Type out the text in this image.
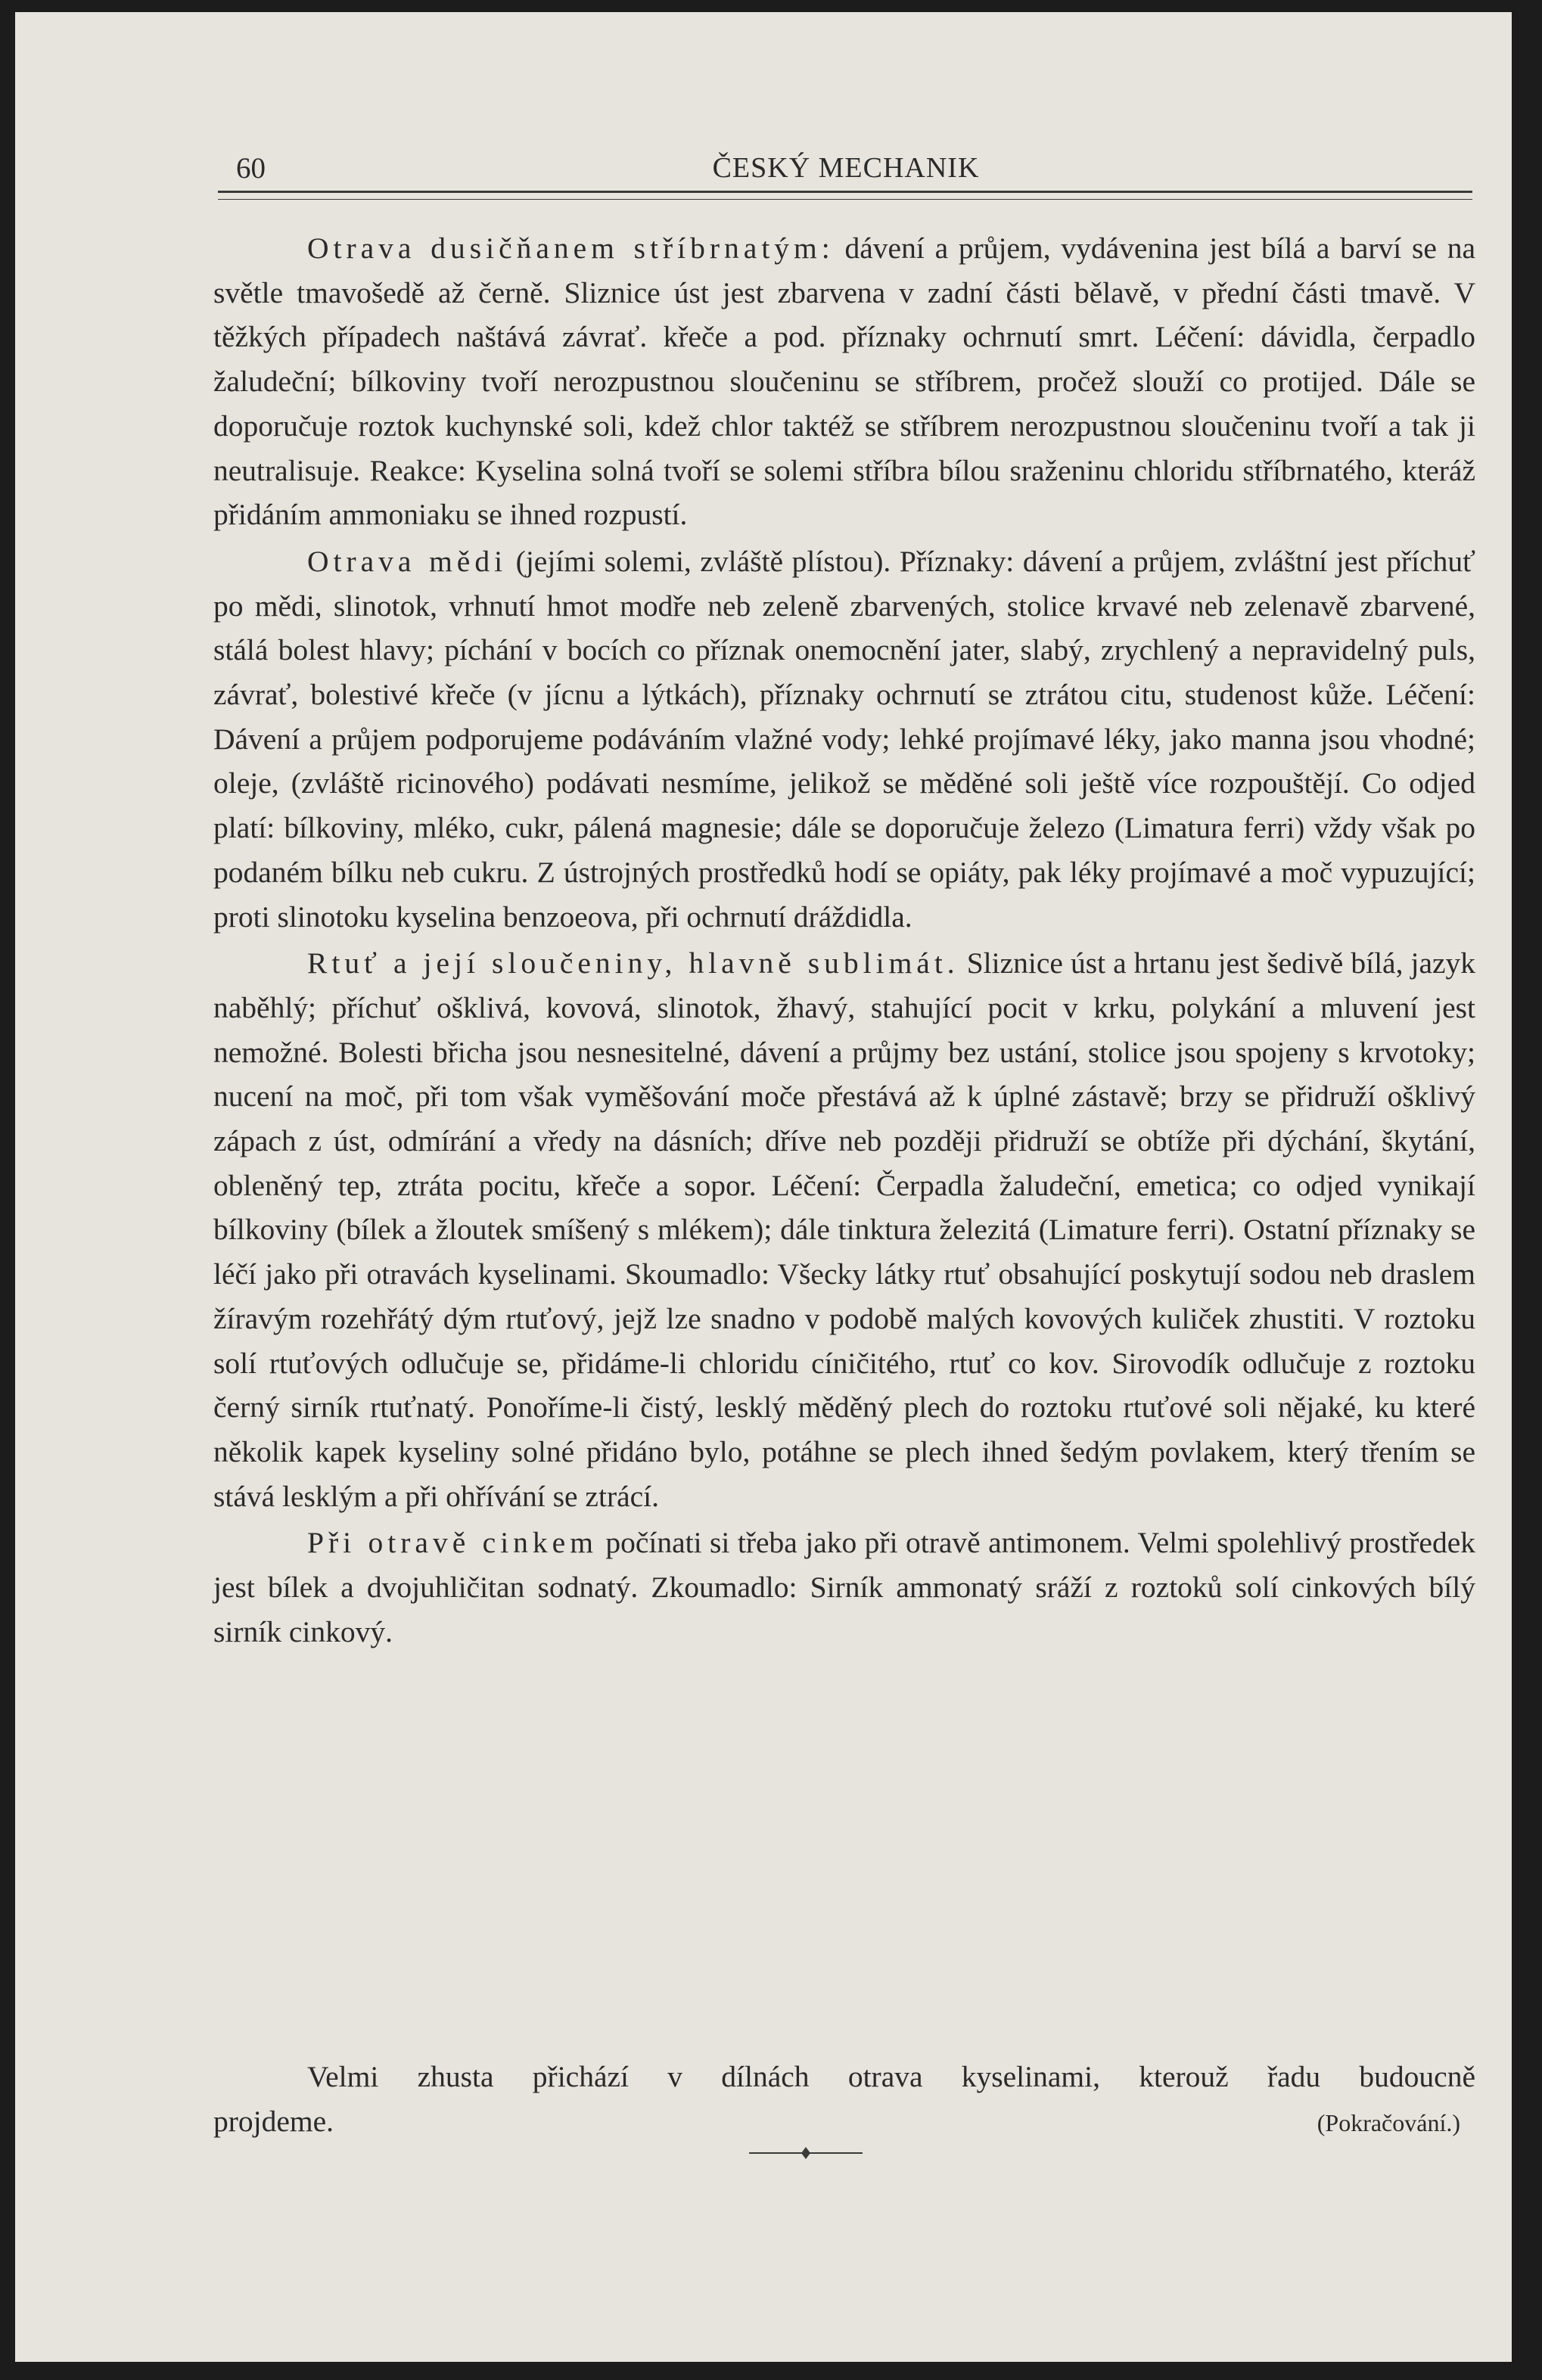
60	ČESKÝ MECHANIK

Otrava dusičňanem stříbrnatým: dávení a průjem, vydávenina jest bílá a barví se na světle tmavošedě až černě. Sliznice úst jest zbarvena v zadní části bělavě, v přední části tmavě. V těžkých případech naštává závrať. křeče a pod. příznaky ochrnutí smrt. Léčení: dávidla, čerpadlo žaludeční; bílkoviny tvoří nerozpustnou sloučeninu se stříbrem, pročež slouží co protijed. Dále se doporučuje roztok kuchynské soli, kdež chlor taktéž se stříbrem nerozpustnou sloučeninu tvoří a tak ji neutralisuje. Reakce: Kyselina solná tvoří se solemi stříbra bílou sraženinu chloridu stříbrnatého, kteráž přidáním ammoniaku se ihned rozpustí.

Otrava mědi (jejími solemi, zvláště plístou). Příznaky: dávení a průjem, zvláštní jest příchuť po mědi, slinotok, vrhnutí hmot modře neb zeleně zbarvených, stolice krvavé neb zelenavě zbarvené, stálá bolest hlavy; píchání v bocích co příznak onemocnění jater, slabý, zrychlený a nepravidelný puls, závrať, bolestivé křeče (v jícnu a lýtkách), příznaky ochrnutí se ztrátou citu, studenost kůže. Léčení: Dávení a průjem podporujeme podáváním vlažné vody; lehké projímavé léky, jako manna jsou vhodné; oleje, (zvláště ricinového) podávati nesmíme, jelikož se měděné soli ještě více rozpouštějí. Co odjed platí: bílkoviny, mléko, cukr, pálená magnesie; dále se doporučuje železo (Limatura ferri) vždy však po podaném bílku neb cukru. Z ústrojných prostředků hodí se opiáty, pak léky projímavé a moč vypuzující; proti slinotoku kyselina benzoeova, při ochrnutí dráždidla.

Rtuť a její sloučeniny, hlavně sublimát. Sliznice úst a hrtanu jest šedivě bílá, jazyk naběhlý; příchuť ošklivá, kovová, slinotok, žhavý, stahující pocit v krku, polykání a mluvení jest nemožné. Bolesti břicha jsou nesnesitelné, dávení a průjmy bez ustání, stolice jsou spojeny s krvotoky; nucení na moč, při tom však vyměšování moče přestává až k úplné zástavě; brzy se přidruží ošklivý zápach z úst, odmírání a vředy na dásních; dříve neb později přidruží se obtíže při dýchání, škytání, obleněný tep, ztráta pocitu, křeče a sopor. Léčení: Čerpadla žaludeční, emetica; co odjed vynikají bílkoviny (bílek a žloutek smíšený s mlékem); dále tinktura železitá (Limature ferri). Ostatní příznaky se léčí jako při otravách kyselinami. Skoumadlo: Všecky látky rtuť obsahující poskytují sodou neb draslem žíravým rozehřátý dým rtuťový, jejž lze snadno v podobě malých kovových kuliček zhustiti. V roztoku solí rtuťových odlučuje se, přidáme-li chloridu cíničitého, rtuť co kov. Sirovodík odlučuje z roztoku černý sirník rtuťnatý. Ponoříme-li čistý, lesklý měděný plech do roztoku rtuťové soli nějaké, ku které několik kapek kyseliny solné přidáno bylo, potáhne se plech ihned šedým povlakem, který třením se stává lesklým a při ohřívání se ztrácí.

Při otravě cinkem počínati si třeba jako při otravě antimonem. Velmi spolehlivý prostředek jest bílek a dvojuhličitan sodnatý. Zkoumadlo: Sirník ammonatý sráží z roztoků solí cinkových bílý sirník cinkový.

Velmi zhusta přichází v dílnách otrava kyselinami, kterouž řadu budoucně
projdeme.	(Pokračování.)
